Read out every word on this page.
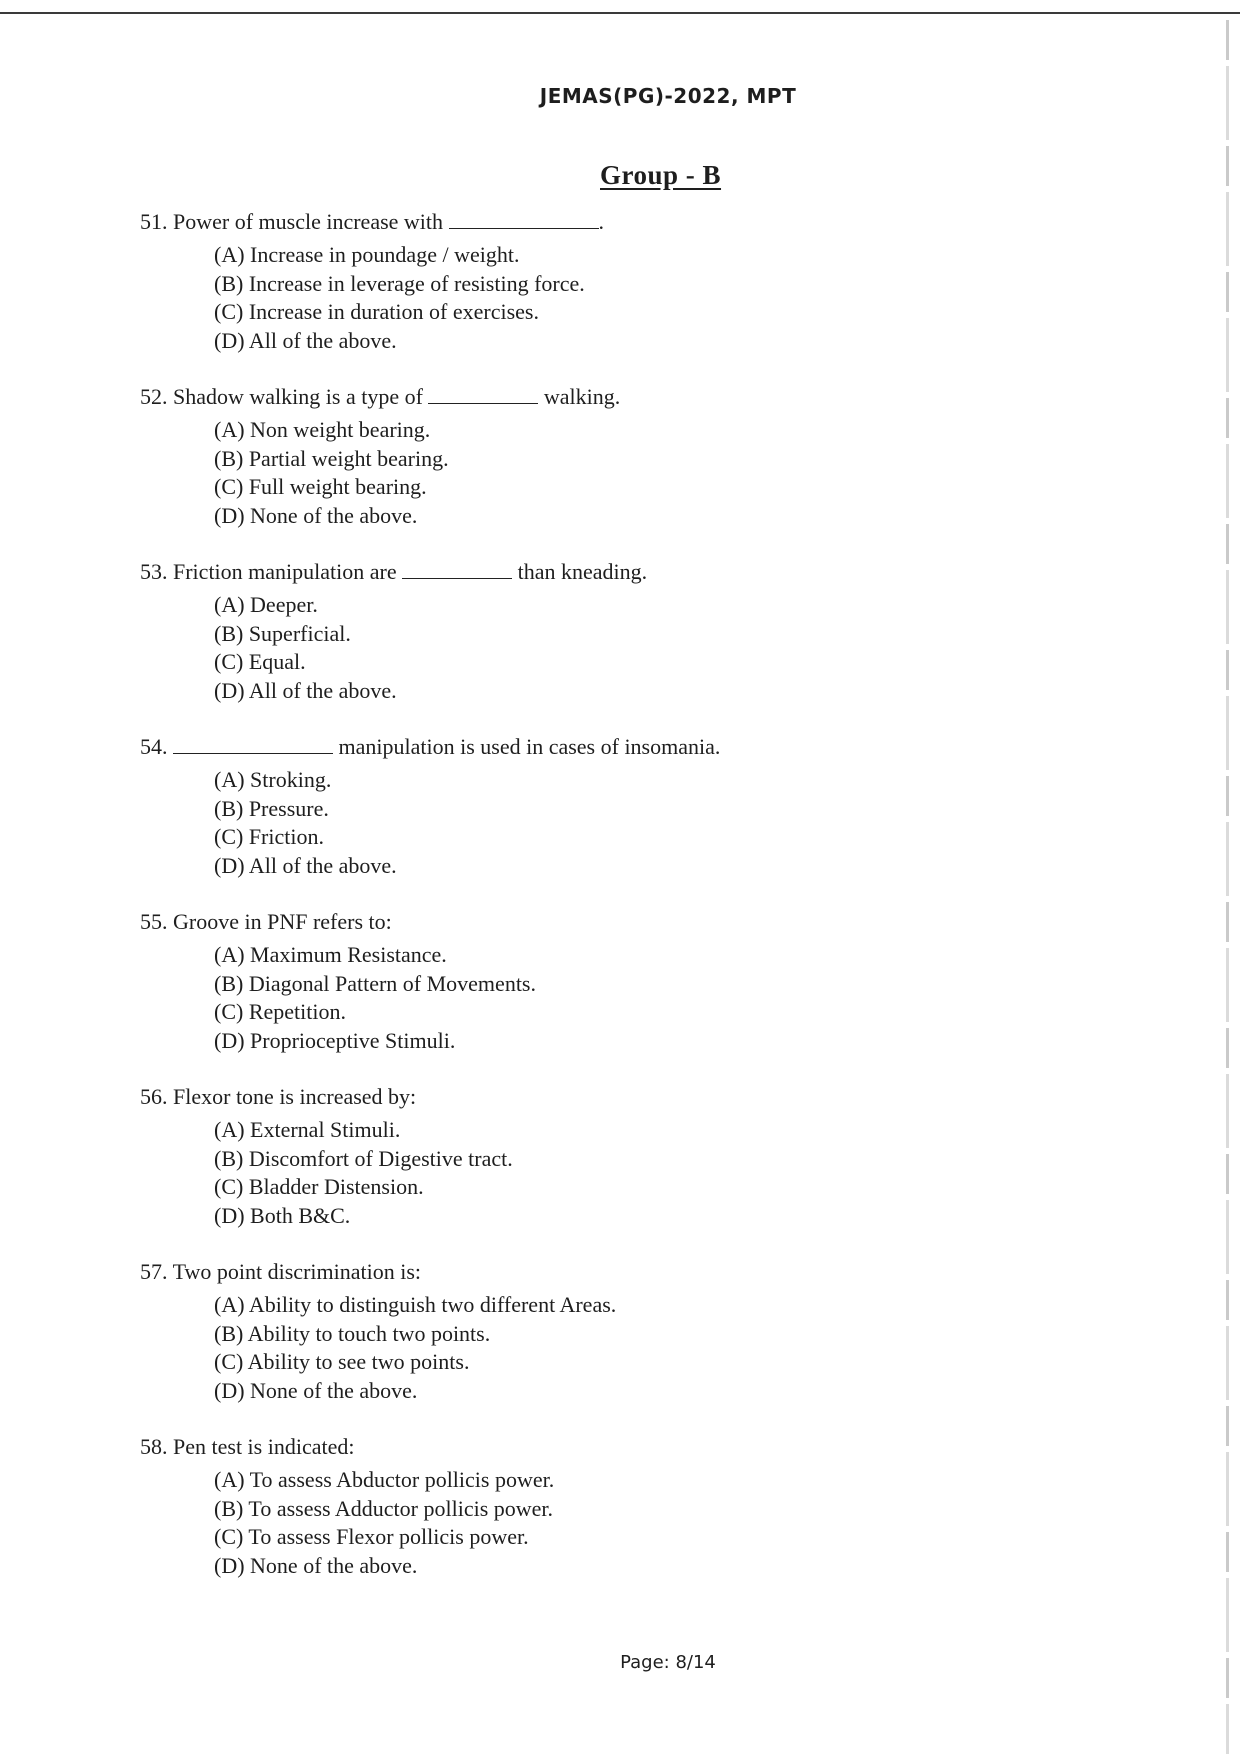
JEMAS(PG)-2022, MPT
Group - B
51. Power of muscle increase with	.
(A) Increase in poundage / weight.
(B) Increase in leverage of resisting force.
(C) Increase in duration of exercises.
(D) All of the above.
52. Shadow walking is a type of	walking.
(A) Non weight bearing.
(B) Partial weight bearing.
(C) Full weight bearing.
(D) None of the above.
53. Friction manipulation are	than kneading.
(A) Deeper.
(B) Superficial.
(C) Equal.
(D) All of the above.
54.	manipulation is used in cases of insomania.
(A) Stroking.
(B) Pressure.
(C) Friction.
(D) All of the above.
55. Groove in PNF refers to:
(A) Maximum Resistance.
(B) Diagonal Pattern of Movements.
(C) Repetition.
(D) Proprioceptive Stimuli.
56. Flexor tone is increased by:
(A) External Stimuli.
(B) Discomfort of Digestive tract.
(C) Bladder Distension.
(D) Both B&C.
57. Two point discrimination is:
(A) Ability to distinguish two different Areas.
(B) Ability to touch two points.
(C) Ability to see two points.
(D) None of the above.
58. Pen test is indicated:
(A) To assess Abductor pollicis power.
(B) To assess Adductor pollicis power.
(C) To assess Flexor pollicis power.
(D) None of the above.
Page: 8/14
